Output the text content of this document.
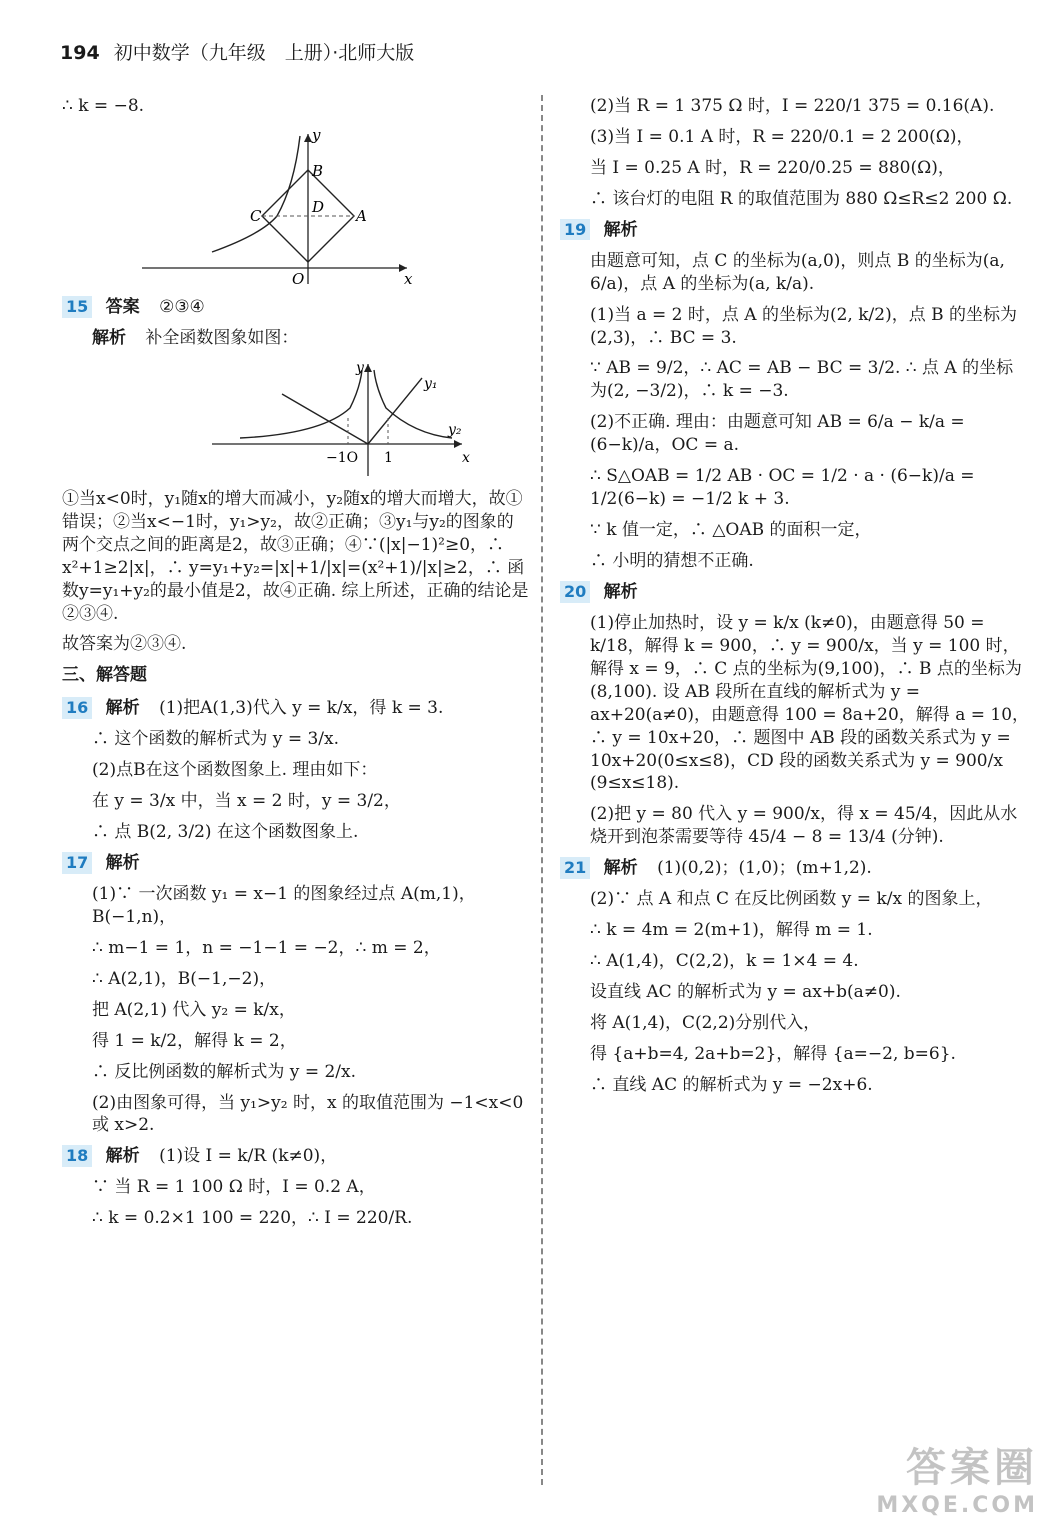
194 初中数学（九年级　上册）·北师大版
∴ k = −8.
y
x
O
B
C	D A
15 答案 ②③④
解析 补全函数图象如图：
y
x
y₁
y₂
−1O 1
①当x<0时，y₁随x的增大而减小，y₂随x的增大而增大，故①错误；②当x<−1时，y₁>y₂，故②正确；③y₁与y₂的图象的两个交点之间的距离是2，故③正确；④∵(|x|−1)²≥0，∴ x²+1≥2|x|，∴ y=y₁+y₂=|x|+1/|x|=(x²+1)/|x|≥2，∴ 函数y=y₁+y₂的最小值是2，故④正确. 综上所述，正确的结论是②③④.
故答案为②③④.
三、解答题
16 解析 (1)把A(1,3)代入 y = k/x，得 k = 3.
∴ 这个函数的解析式为 y = 3/x.
(2)点B在这个函数图象上. 理由如下：
在 y = 3/x 中，当 x = 2 时，y = 3/2，
∴ 点 B(2, 3/2) 在这个函数图象上.
17 解析
(1)∵ 一次函数 y₁ = x−1 的图象经过点 A(m,1)，B(−1,n)，
∴ m−1 = 1，n = −1−1 = −2，∴ m = 2，
∴ A(2,1)，B(−1,−2)，
把 A(2,1) 代入 y₂ = k/x，
得 1 = k/2，解得 k = 2，
∴ 反比例函数的解析式为 y = 2/x.
(2)由图象可得，当 y₁>y₂ 时，x 的取值范围为 −1<x<0 或 x>2.
18 解析 (1)设 I = k/R (k≠0)，
∵ 当 R = 1 100 Ω 时，I = 0.2 A，
∴ k = 0.2×1 100 = 220，∴ I = 220/R.
(2)当 R = 1 375 Ω 时，I = 220/1 375 = 0.16(A).
(3)当 I = 0.1 A 时，R = 220/0.1 = 2 200(Ω)，
当 I = 0.25 A 时，R = 220/0.25 = 880(Ω)，
∴ 该台灯的电阻 R 的取值范围为 880 Ω≤R≤2 200 Ω.
19 解析
由题意可知，点 C 的坐标为(a,0)，则点 B 的坐标为(a, 6/a)，点 A 的坐标为(a, k/a).
(1)当 a = 2 时，点 A 的坐标为(2, k/2)，点 B 的坐标为(2,3)，∴ BC = 3.
∵ AB = 9/2，∴ AC = AB − BC = 3/2. ∴ 点 A 的坐标为(2, −3/2)，∴ k = −3.
(2)不正确. 理由：由题意可知 AB = 6/a − k/a = (6−k)/a，OC = a.
∴ S△OAB = 1/2 AB · OC = 1/2 · a · (6−k)/a = 1/2(6−k) = −1/2 k + 3.
∵ k 值一定，∴ △OAB 的面积一定，
∴ 小明的猜想不正确.
20 解析
(1)停止加热时，设 y = k/x (k≠0)，由题意得 50 = k/18，解得 k = 900，∴ y = 900/x，当 y = 100 时，解得 x = 9，∴ C 点的坐标为(9,100)，∴ B 点的坐标为(8,100). 设 AB 段所在直线的解析式为 y = ax+20(a≠0)，由题意得 100 = 8a+20，解得 a = 10，∴ y = 10x+20，∴ 题图中 AB 段的函数关系式为 y = 10x+20(0≤x≤8)，CD 段的函数关系式为 y = 900/x (9≤x≤18).
(2)把 y = 80 代入 y = 900/x，得 x = 45/4，因此从水烧开到泡茶需要等待 45/4 − 8 = 13/4 (分钟).
21 解析 (1)(0,2)；(1,0)；(m+1,2).
(2)∵ 点 A 和点 C 在反比例函数 y = k/x 的图象上，
∴ k = 4m = 2(m+1)，解得 m = 1.
∴ A(1,4)，C(2,2)，k = 1×4 = 4.
设直线 AC 的解析式为 y = ax+b(a≠0).
将 A(1,4)，C(2,2)分别代入，
得 {a+b=4, 2a+b=2}，解得 {a=−2, b=6}.
∴ 直线 AC 的解析式为 y = −2x+6.
答案圈
MXQE.COM
